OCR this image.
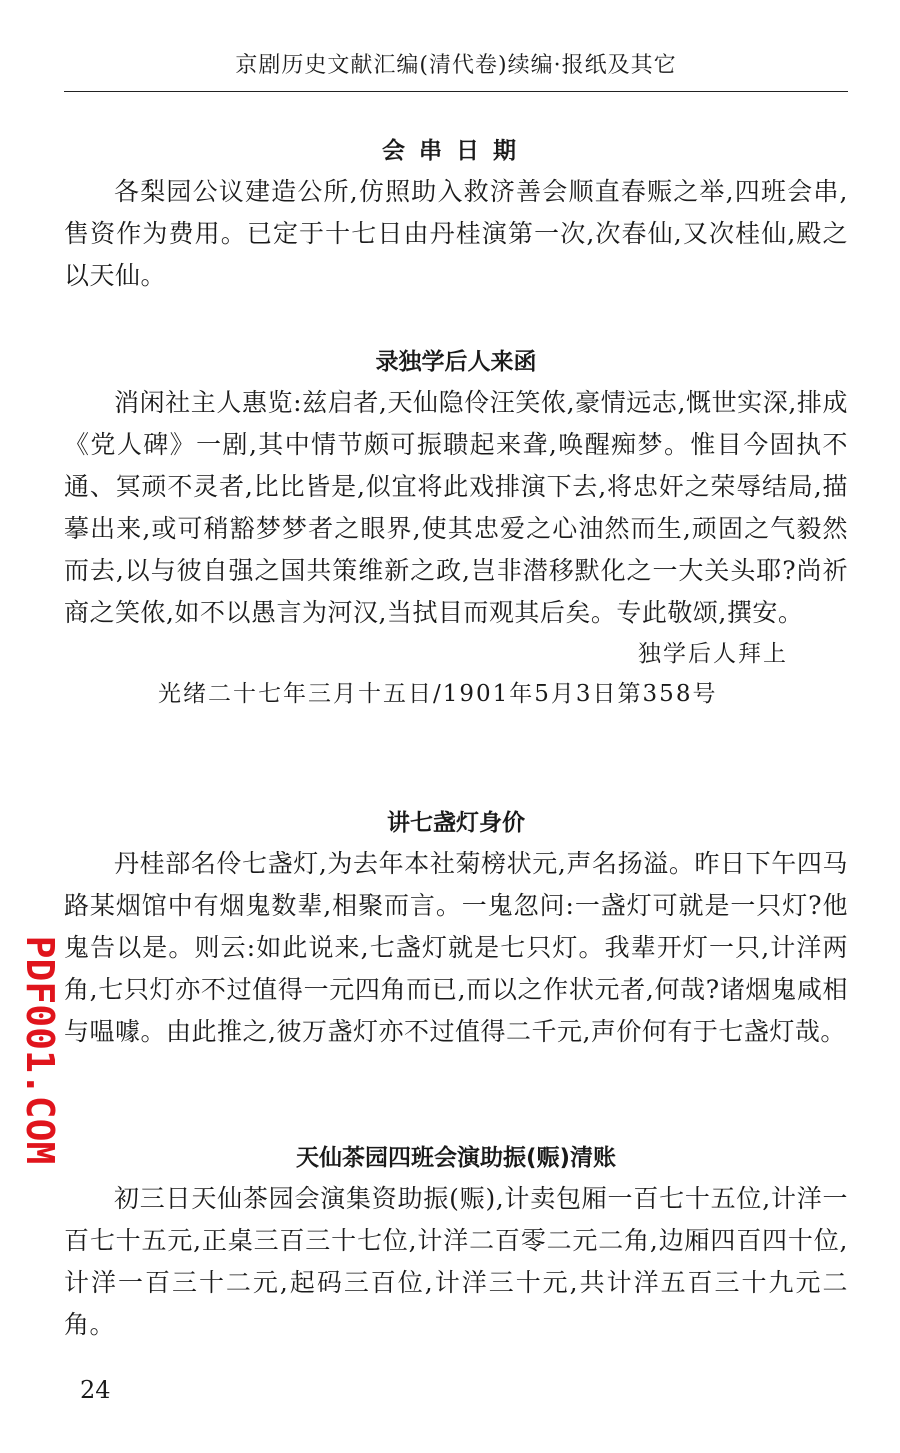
京剧历史文献汇编(清代卷)续编·报纸及其它
会串日期

各梨园公议建造公所,仿照助入救济善会顺直春赈之举,四班会串,售资作为费用。已定于十七日由丹桂演第一次,次春仙,又次桂仙,殿之以天仙。

录独学后人来函

消闲社主人惠览:兹启者,天仙隐伶汪笑侬,豪情远志,慨世实深,排成《党人碑》一剧,其中情节颇可振聩起来聋,唤醒痴梦。惟目今固执不通、冥顽不灵者,比比皆是,似宜将此戏排演下去,将忠奸之荣辱结局,描摹出来,或可稍豁梦梦者之眼界,使其忠爱之心油然而生,顽固之气毅然而去,以与彼自强之国共策维新之政,岂非潜移默化之一大关头耶?尚祈商之笑侬,如不以愚言为河汉,当拭目而观其后矣。专此敬颂,撰安。

独学后人拜上
光绪二十七年三月十五日/1901年5月3日第358号
讲七盏灯身价

丹桂部名伶七盏灯,为去年本社菊榜状元,声名扬溢。昨日下午四马路某烟馆中有烟鬼数辈,相聚而言。一鬼忽问:一盏灯可就是一只灯?他鬼告以是。则云:如此说来,七盏灯就是七只灯。我辈开灯一只,计洋两角,七只灯亦不过值得一元四角而已,而以之作状元者,何哉?诸烟鬼咸相与嗢噱。由此推之,彼万盏灯亦不过值得二千元,声价何有于七盏灯哉。

天仙茶园四班会演助振(赈)清账

初三日天仙茶园会演集资助振(赈),计卖包厢一百七十五位,计洋一百七十五元,正桌三百三十七位,计洋二百零二元二角,边厢四百四十位,计洋一百三十二元,起码三百位,计洋三十元,共计洋五百三十九元二角。

24
PDF001.COM
